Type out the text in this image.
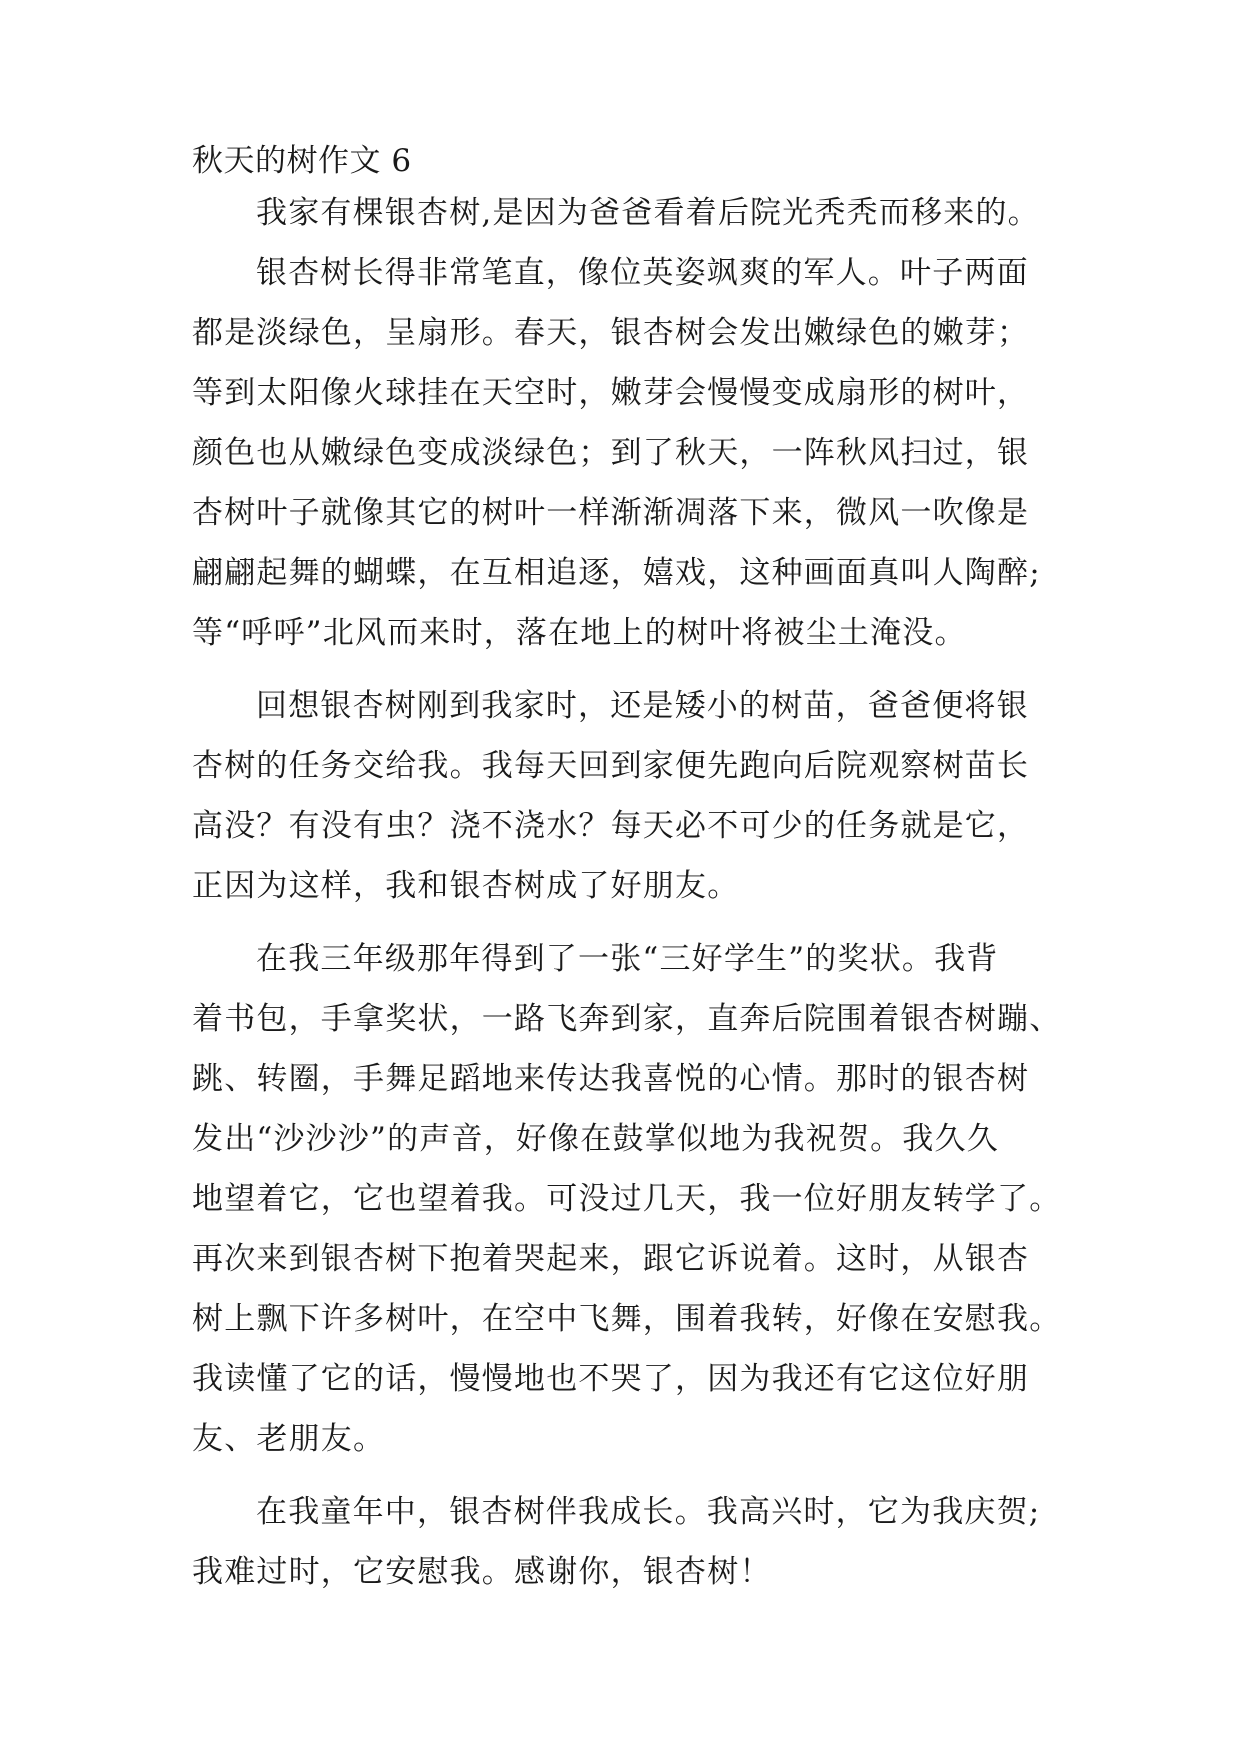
秋天的树作文 6
我家有棵银杏树,是因为爸爸看着后院光秃秃而移来的。
银杏树长得非常笔直，像位英姿飒爽的军人。叶子两面
都是淡绿色，呈扇形。春天，银杏树会发出嫩绿色的嫩芽；
等到太阳像火球挂在天空时，嫩芽会慢慢变成扇形的树叶，
颜色也从嫩绿色变成淡绿色；到了秋天，一阵秋风扫过，银
杏树叶子就像其它的树叶一样渐渐凋落下来，微风一吹像是
翩翩起舞的蝴蝶，在互相追逐，嬉戏，这种画面真叫人陶醉;
等“呼呼”北风而来时，落在地上的树叶将被尘土淹没。
回想银杏树刚到我家时，还是矮小的树苗，爸爸便将银
杏树的任务交给我。我每天回到家便先跑向后院观察树苗长
高没？有没有虫？浇不浇水？每天必不可少的任务就是它，
正因为这样，我和银杏树成了好朋友。
在我三年级那年得到了一张“三好学生”的奖状。我背
着书包，手拿奖状，一路飞奔到家，直奔后院围着银杏树蹦、
跳、转圈，手舞足蹈地来传达我喜悦的心情。那时的银杏树
发出“沙沙沙”的声音，好像在鼓掌似地为我祝贺。我久久
地望着它，它也望着我。可没过几天，我一位好朋友转学了。
再次来到银杏树下抱着哭起来，跟它诉说着。这时，从银杏
树上飘下许多树叶，在空中飞舞，围着我转，好像在安慰我。
我读懂了它的话，慢慢地也不哭了，因为我还有它这位好朋
友、老朋友。
在我童年中，银杏树伴我成长。我高兴时，它为我庆贺;
我难过时，它安慰我。感谢你，银杏树！
